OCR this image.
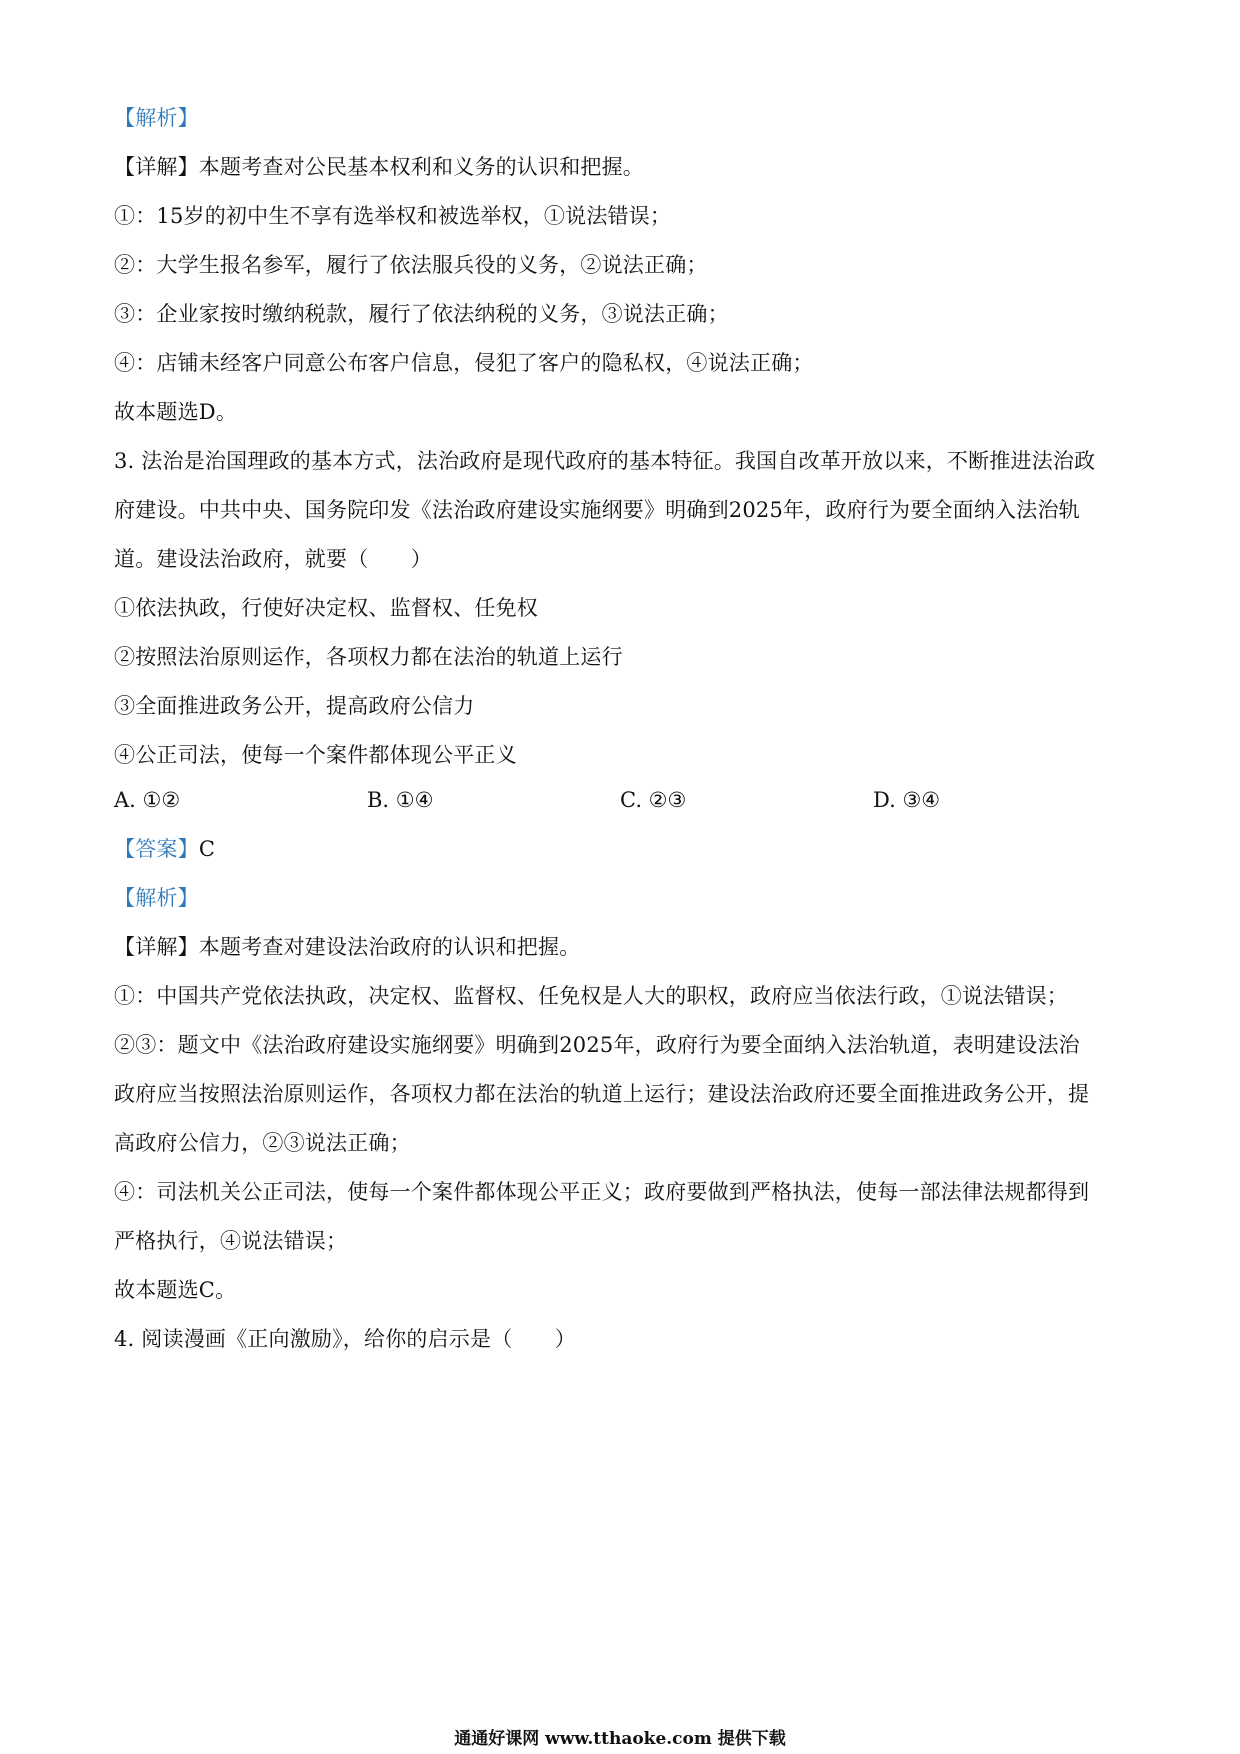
【解析】
【详解】本题考查对公民基本权利和义务的认识和把握。
①：15岁的初中生不享有选举权和被选举权，①说法错误；
②：大学生报名参军，履行了依法服兵役的义务，②说法正确；
③：企业家按时缴纳税款，履行了依法纳税的义务，③说法正确；
④：店铺未经客户同意公布客户信息，侵犯了客户的隐私权，④说法正确；
故本题选D。
3. 法治是治国理政的基本方式，法治政府是现代政府的基本特征。我国自改革开放以来，不断推进法治政
府建设。中共中央、国务院印发《法治政府建设实施纲要》明确到2025年，政府行为要全面纳入法治轨
道。建设法治政府，就要（　　）
①依法执政，行使好决定权、监督权、任免权
②按照法治原则运作，各项权力都在法治的轨道上运行
③全面推进政务公开，提高政府公信力
④公正司法，使每一个案件都体现公平正义
A. ①②	B. ①④	C. ②③	D. ③④
【答案】C
【解析】
【详解】本题考查对建设法治政府的认识和把握。
①：中国共产党依法执政，决定权、监督权、任免权是人大的职权，政府应当依法行政，①说法错误；
②③：题文中《法治政府建设实施纲要》明确到2025年，政府行为要全面纳入法治轨道，表明建设法治
政府应当按照法治原则运作，各项权力都在法治的轨道上运行；建设法治政府还要全面推进政务公开，提
高政府公信力，②③说法正确；
④：司法机关公正司法，使每一个案件都体现公平正义；政府要做到严格执法，使每一部法律法规都得到
严格执行，④说法错误；
故本题选C。
4. 阅读漫画《正向激励》，给你的启示是（　　）
通通好课网 www.tthaoke.com 提供下载
